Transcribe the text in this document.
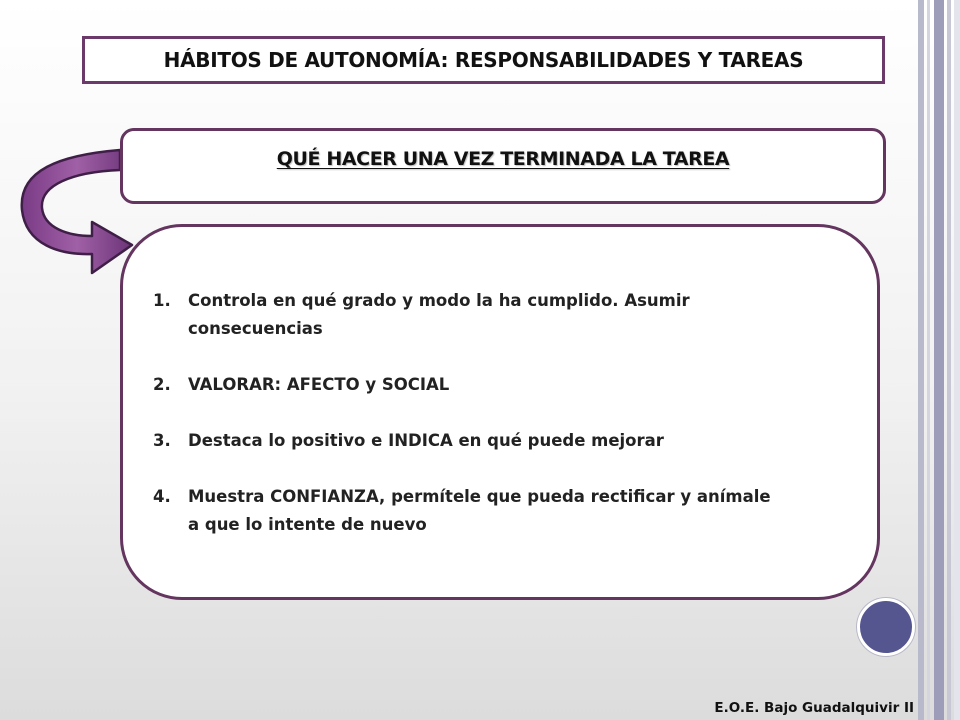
HÁBITOS DE AUTONOMÍA: RESPONSABILIDADES Y TAREAS
QUÉ HACER UNA VEZ TERMINADA LA TAREA
1.	Controla en qué grado y modo la ha cumplido. Asumir consecuencias
2.	VALORAR: AFECTO y SOCIAL
3.	Destaca lo positivo e INDICA en qué puede mejorar
4.	Muestra CONFIANZA, permítele que pueda rectificar y anímale a que lo intente de nuevo
E.O.E. Bajo Guadalquivir II
